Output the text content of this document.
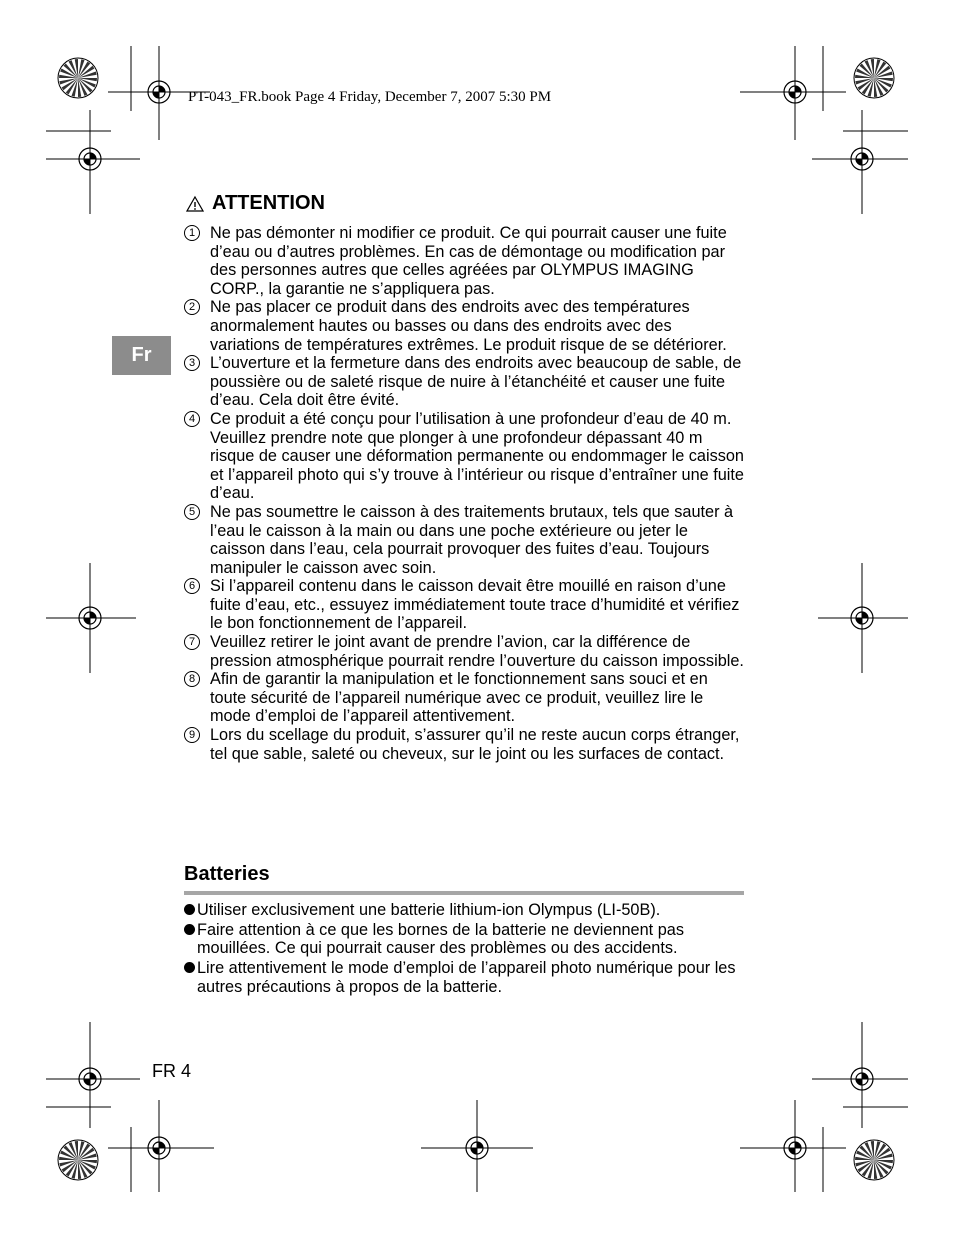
PT-043_FR.book Page 4 Friday, December 7, 2007 5:30 PM
Fr
ATTENTION
1 Ne pas démonter ni modifier ce produit. Ce qui pourrait causer une fuite d’eau ou d’autres problèmes. En cas de démontage ou modification par des personnes autres que celles agréées par OLYMPUS IMAGING CORP., la garantie ne s’appliquera pas.
2 Ne pas placer ce produit dans des endroits avec des températures anormalement hautes ou basses ou dans des endroits avec des variations de températures extrêmes. Le produit risque de se détériorer.
3 L’ouverture et la fermeture dans des endroits avec beaucoup de sable, de poussière ou de saleté risque de nuire à l’étanchéité et causer une fuite d’eau. Cela doit être évité.
4 Ce produit a été conçu pour l’utilisation à une profondeur d’eau de 40 m. Veuillez prendre note que plonger à une profondeur dépassant 40 m risque de causer une déformation permanente ou endommager le caisson et l’appareil photo qui s’y trouve à l’intérieur ou risque d’entraîner une fuite d’eau.
5 Ne pas soumettre le caisson à des traitements brutaux, tels que sauter à l’eau le caisson à la main ou dans une poche extérieure ou jeter le caisson dans l’eau, cela pourrait provoquer des fuites d’eau. Toujours manipuler le caisson avec soin.
6 Si l’appareil contenu dans le caisson devait être mouillé en raison d’une fuite d’eau, etc., essuyez immédiatement toute trace d’humidité et vérifiez le bon fonctionnement de l’appareil.
7 Veuillez retirer le joint avant de prendre l’avion, car la différence de pression atmosphérique pourrait rendre l’ouverture du caisson impossible.
8 Afin de garantir la manipulation et le fonctionnement sans souci et en toute sécurité de l’appareil numérique avec ce produit, veuillez lire le mode d’emploi de l’appareil attentivement.
9 Lors du scellage du produit, s’assurer qu’il ne reste aucun corps étranger, tel que sable, saleté ou cheveux, sur le joint ou les surfaces de contact.
Batteries
Utiliser exclusivement une batterie lithium-ion Olympus (LI-50B).
Faire attention à ce que les bornes de la batterie ne deviennent pas mouillées. Ce qui pourrait causer des problèmes ou des accidents.
Lire attentivement le mode d’emploi de l’appareil photo numérique pour les autres précautions à propos de la batterie.
FR 4
